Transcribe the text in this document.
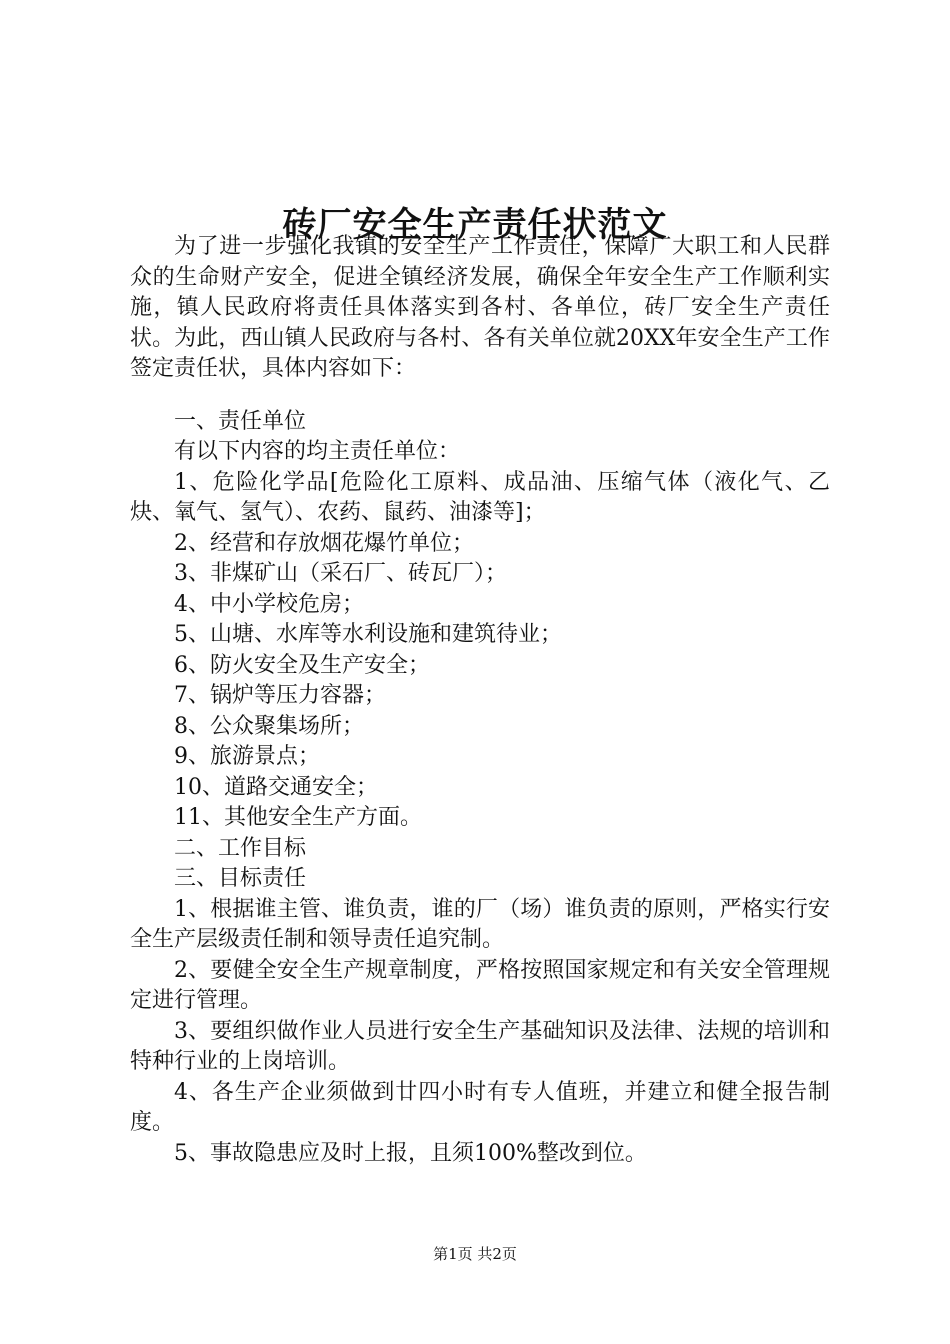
砖厂安全生产责任状范文

为了进一步强化我镇的安全生产工作责任，保障广大职工和人民群众的生命财产安全，促进全镇经济发展，确保全年安全生产工作顺利实施，镇人民政府将责任具体落实到各村、各单位，砖厂安全生产责任状。为此，西山镇人民政府与各村、各有关单位就20XX年安全生产工作签定责任状，具体内容如下：

一、责任单位

有以下内容的均主责任单位：

1、危险化学品[危险化工原料、成品油、压缩气体（液化气、乙炔、氧气、氢气）、农药、鼠药、油漆等]；

2、经营和存放烟花爆竹单位；

3、非煤矿山（采石厂、砖瓦厂）；

4、中小学校危房；

5、山塘、水库等水利设施和建筑待业；

6、防火安全及生产安全；

7、锅炉等压力容器；

8、公众聚集场所；

9、旅游景点；

10、道路交通安全；

11、其他安全生产方面。

二、工作目标

三、目标责任

1、根据谁主管、谁负责，谁的厂（场）谁负责的原则，严格实行安全生产层级责任制和领导责任追究制。

2、要健全安全生产规章制度，严格按照国家规定和有关安全管理规定进行管理。

3、要组织做作业人员进行安全生产基础知识及法律、法规的培训和特种行业的上岗培训。

4、各生产企业须做到廿四小时有专人值班，并建立和健全报告制度。

5、事故隐患应及时上报，且须100%整改到位。

第1页 共2页
